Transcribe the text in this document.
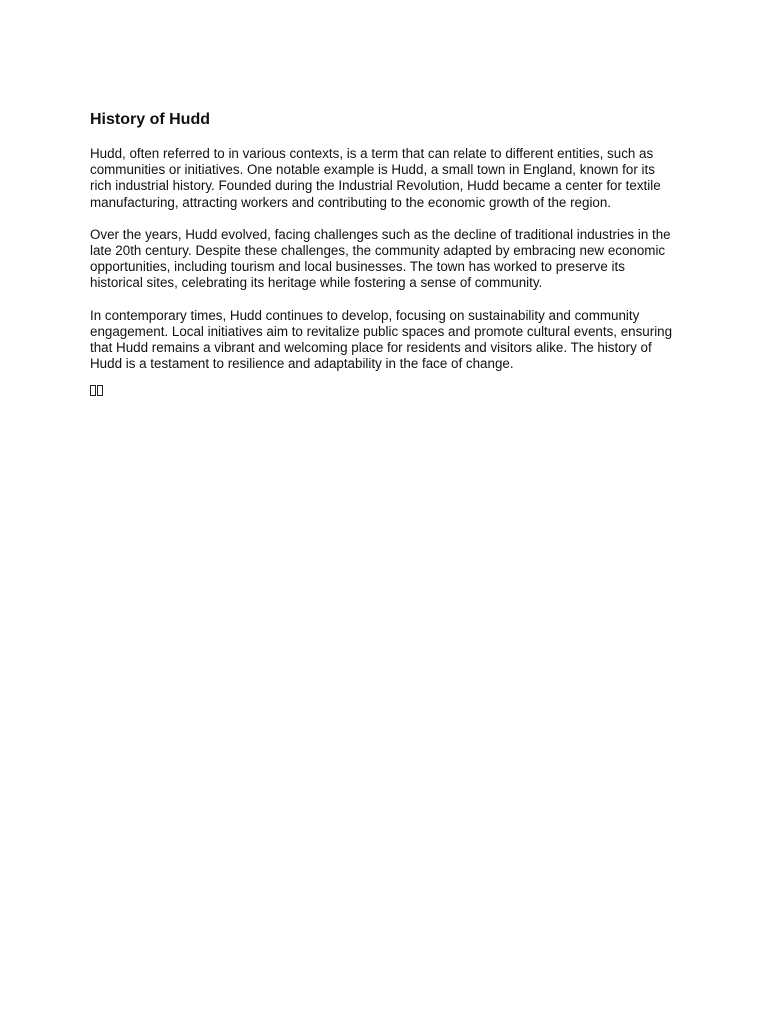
History of Hudd

Hudd, often referred to in various contexts, is a term that can relate to different entities, such as communities or initiatives. One notable example is Hudd, a small town in England, known for its rich industrial history. Founded during the Industrial Revolution, Hudd became a center for textile manufacturing, attracting workers and contributing to the economic growth of the region.

Over the years, Hudd evolved, facing challenges such as the decline of traditional industries in the late 20th century. Despite these challenges, the community adapted by embracing new economic opportunities, including tourism and local businesses. The town has worked to preserve its historical sites, celebrating its heritage while fostering a sense of community.

In contemporary times, Hudd continues to develop, focusing on sustainability and community engagement. Local initiatives aim to revitalize public spaces and promote cultural events, ensuring that Hudd remains a vibrant and welcoming place for residents and visitors alike. The history of Hudd is a testament to resilience and adaptability in the face of change.
